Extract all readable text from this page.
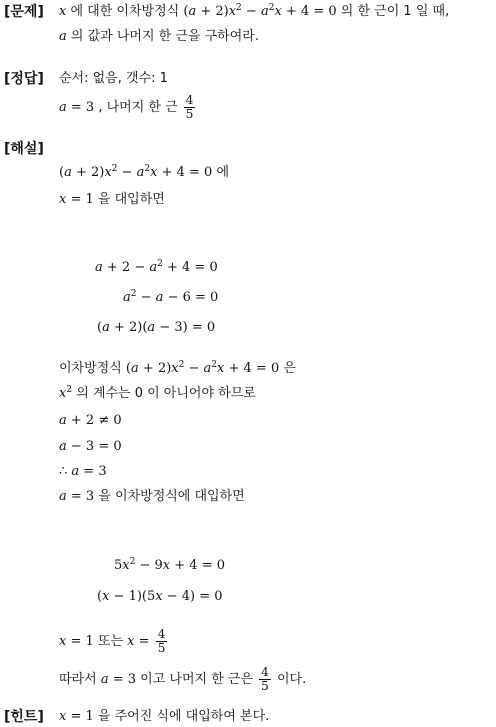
[문제] x 에 대한 이차방정식 $(a + 2)x^2 - a^2x + 4 = 0$ 의 한 근이 1 일 때,
a 의 값과 나머지 한 근을 구하여라.
[정답] 순서: 없음, 갯수: 1
a = 3 , 나머지 한 근 $\frac{4}{5}$
[해설]
$(a + 2)x^2 - a^2x + 4 = 0$ 에
x = 1 을 대입하면
$a + 2 - a^2 + 4 = 0$
$a^2 - a - 6 = 0$
(a + 2)(a − 3) = 0
이차방정식 $(a + 2)x^2 - a^2x + 4 = 0$ 은
$x^2$ 의 계수는 0 이 아니어야 하므로
a + 2 ≠ 0
a − 3 = 0
∴ a = 3
a = 3 을 이차방정식에 대입하면
$5x^2 - 9x + 4 = 0$
(x − 1)(5x − 4) = 0
x = 1 또는 $x = \frac{4}{5}$
따라서 a = 3 이고 나머지 한 근은 $\frac{4}{5}$ 이다.
[힌트] x = 1 을 주어진 식에 대입하여 본다.
